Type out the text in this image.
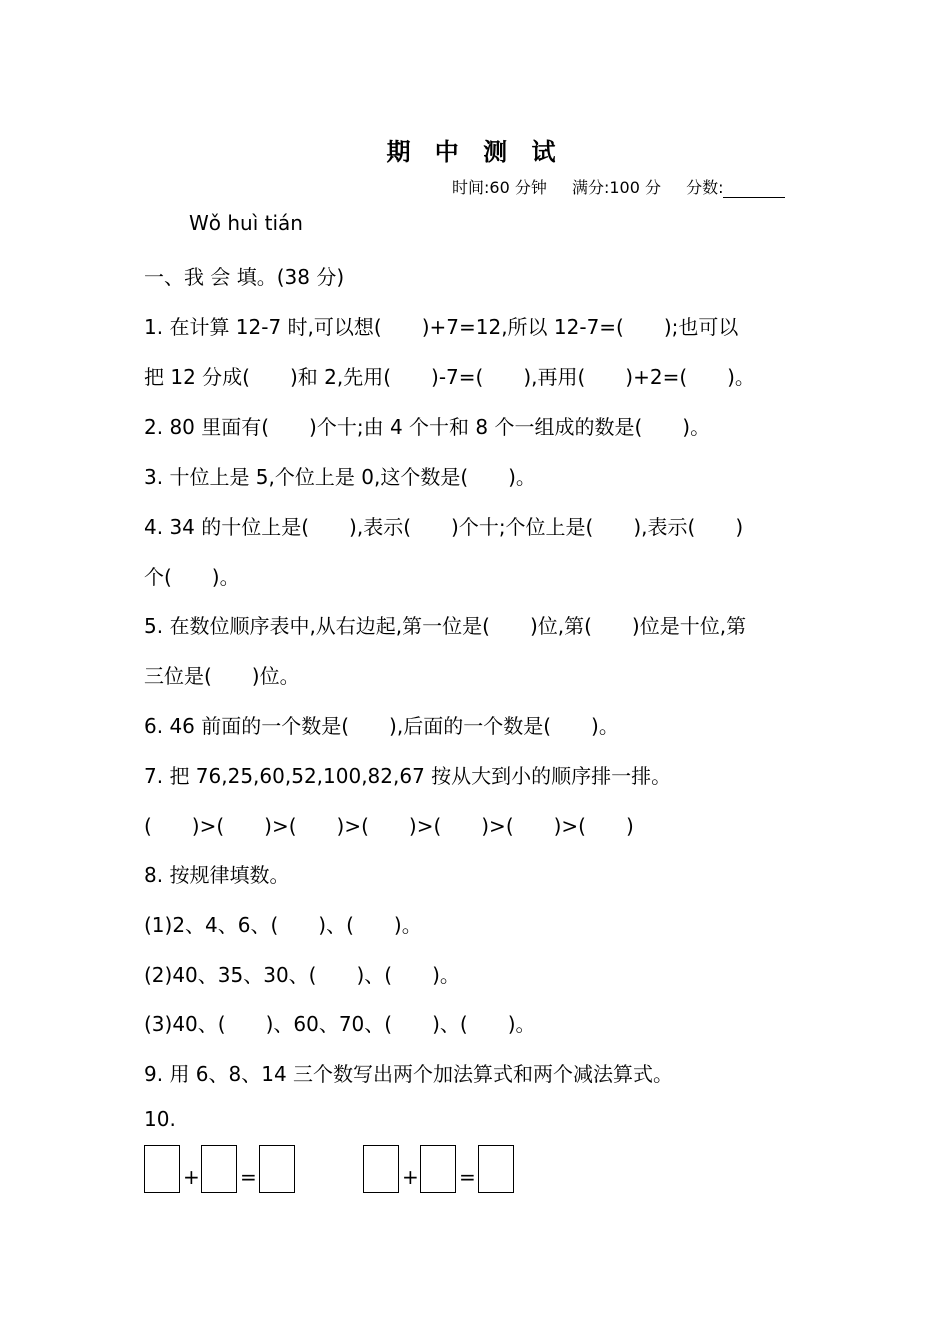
期 中 测 试
时间:60 分钟 满分:100 分 分数:
Wǒ huì tián
一、我 会 填。(38 分)
1. 在计算 12-7 时,可以想(　　)+7=12,所以 12-7=(　　);也可以
把 12 分成(　　)和 2,先用(　　)-7=(　　),再用(　　)+2=(　　)。
2. 80 里面有(　　)个十;由 4 个十和 8 个一组成的数是(　　)。
3. 十位上是 5,个位上是 0,这个数是(　　)。
4. 34 的十位上是(　　),表示(　　)个十;个位上是(　　),表示(　　)
个(　　)。
5. 在数位顺序表中,从右边起,第一位是(　　)位,第(　　)位是十位,第
三位是(　　)位。
6. 46 前面的一个数是(　　),后面的一个数是(　　)。
7. 把 76,25,60,52,100,82,67 按从大到小的顺序排一排。
(　　)>(　　)>(　　)>(　　)>(　　)>(　　)>(　　)
8. 按规律填数。
(1)2、4、6、(　　)、(　　)。
(2)40、35、30、(　　)、(　　)。
(3)40、(　　)、60、70、(　　)、(　　)。
9. 用 6、8、14 三个数写出两个加法算式和两个减法算式。
10.
+ =	+ =
